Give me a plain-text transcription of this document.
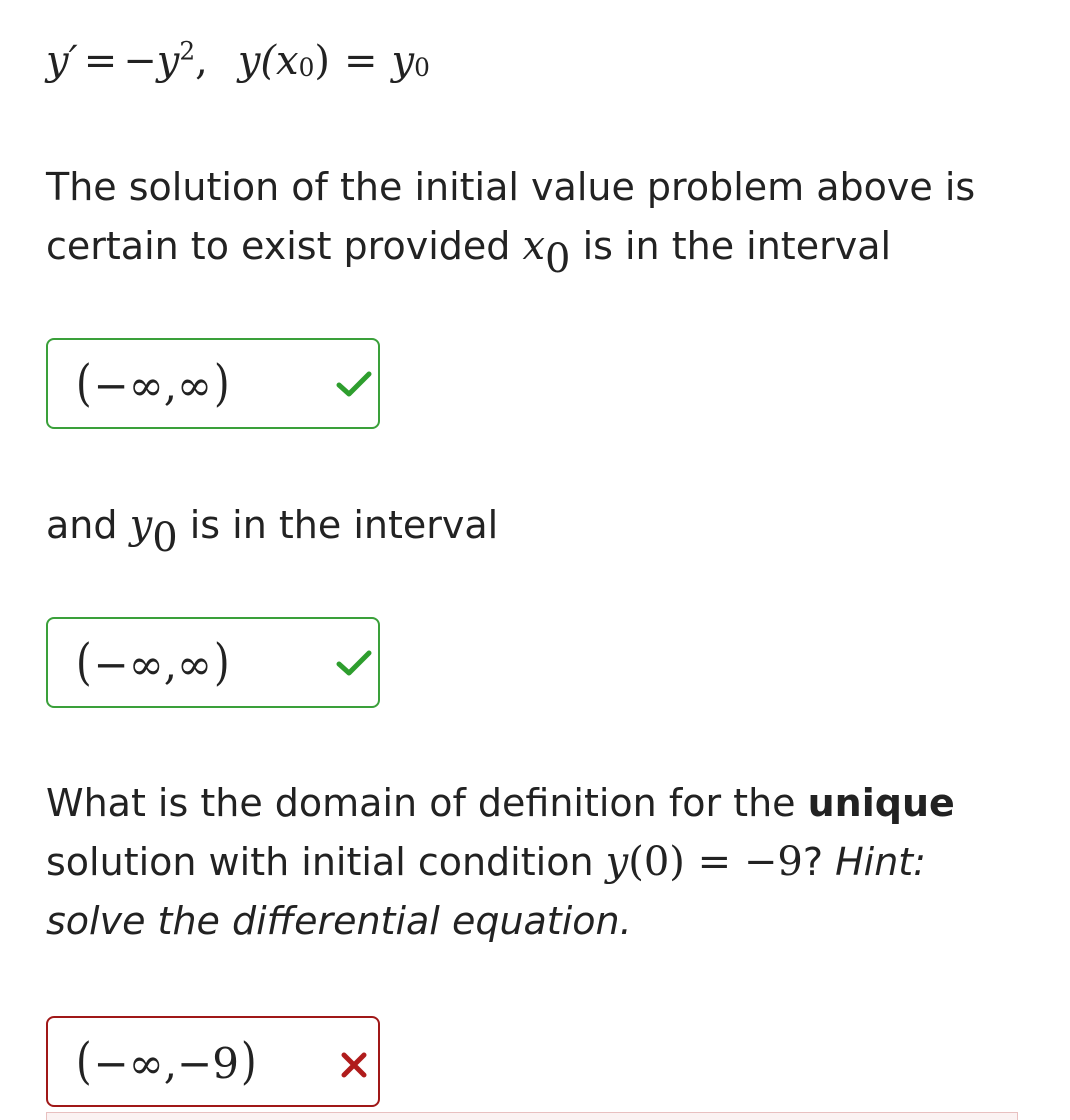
$y' = -y^2$, $y(x_0) = y_0$
The solution of the initial value problem above is certain to exist provided $x_0$ is in the interval
(−∞,∞)
and $y_0$ is in the interval
(−∞,∞)
What is the domain of definition for the unique solution with initial condition y(0) = −9? Hint: solve the differential equation.
(−∞,−9)
